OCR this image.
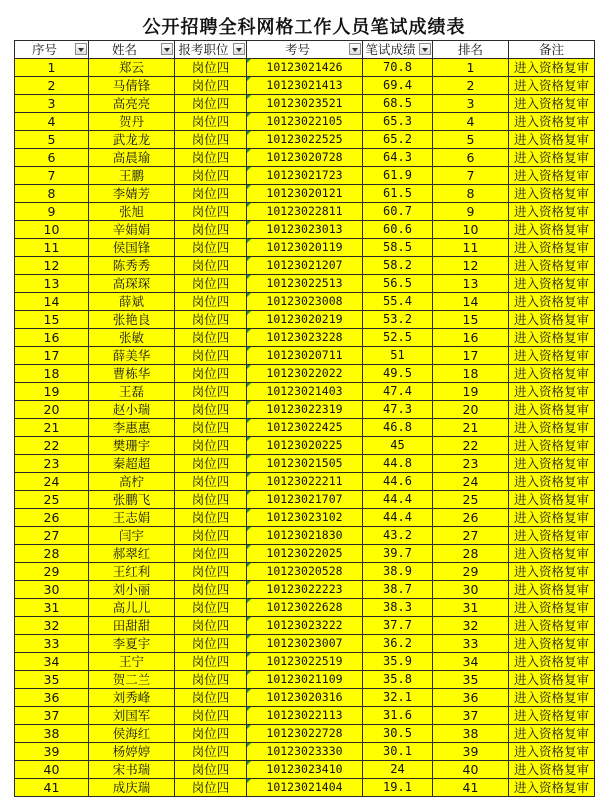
公开招聘全科网格工作人员笔试成绩表
序号	姓名	报考职位	考号	笔试成绩	排名	备注
1	郑云	岗位四	10123021426	70.8	1	进入资格复审
2	马倩锋	岗位四	10123021413	69.4	2	进入资格复审
3	高亮亮	岗位四	10123023521	68.5	3	进入资格复审
4	贺丹	岗位四	10123022105	65.3	4	进入资格复审
5	武龙龙	岗位四	10123022525	65.2	5	进入资格复审
6	高晨瑜	岗位四	10123020728	64.3	6	进入资格复审
7	王鹏	岗位四	10123021723	61.9	7	进入资格复审
8	李婧芳	岗位四	10123020121	61.5	8	进入资格复审
9	张旭	岗位四	10123022811	60.7	9	进入资格复审
10	辛娟娟	岗位四	10123023013	60.6	10	进入资格复审
11	侯国锋	岗位四	10123020119	58.5	11	进入资格复审
12	陈秀秀	岗位四	10123021207	58.2	12	进入资格复审
13	高琛琛	岗位四	10123022513	56.5	13	进入资格复审
14	薛斌	岗位四	10123023008	55.4	14	进入资格复审
15	张艳良	岗位四	10123020219	53.2	15	进入资格复审
16	张敏	岗位四	10123023228	52.5	16	进入资格复审
17	薛美华	岗位四	10123020711	51	17	进入资格复审
18	曹栋华	岗位四	10123022022	49.5	18	进入资格复审
19	王磊	岗位四	10123021403	47.4	19	进入资格复审
20	赵小瑞	岗位四	10123022319	47.3	20	进入资格复审
21	李惠惠	岗位四	10123022425	46.8	21	进入资格复审
22	樊珊宇	岗位四	10123020225	45	22	进入资格复审
23	秦超超	岗位四	10123021505	44.8	23	进入资格复审
24	高柠	岗位四	10123022211	44.6	24	进入资格复审
25	张鹏飞	岗位四	10123021707	44.4	25	进入资格复审
26	王志娟	岗位四	10123023102	44.4	26	进入资格复审
27	闫宇	岗位四	10123021830	43.2	27	进入资格复审
28	郝翠红	岗位四	10123022025	39.7	28	进入资格复审
29	王红利	岗位四	10123020528	38.9	29	进入资格复审
30	刘小丽	岗位四	10123022223	38.7	30	进入资格复审
31	高儿儿	岗位四	10123022628	38.3	31	进入资格复审
32	田甜甜	岗位四	10123023222	37.7	32	进入资格复审
33	李夏宇	岗位四	10123023007	36.2	33	进入资格复审
34	王宁	岗位四	10123022519	35.9	34	进入资格复审
35	贺二兰	岗位四	10123021109	35.8	35	进入资格复审
36	刘秀峰	岗位四	10123020316	32.1	36	进入资格复审
37	刘国军	岗位四	10123022113	31.6	37	进入资格复审
38	侯海红	岗位四	10123022728	30.5	38	进入资格复审
39	杨婷婷	岗位四	10123023330	30.1	39	进入资格复审
40	宋书瑞	岗位四	10123023410	24	40	进入资格复审
41	成庆瑞	岗位四	10123021404	19.1	41	进入资格复审
